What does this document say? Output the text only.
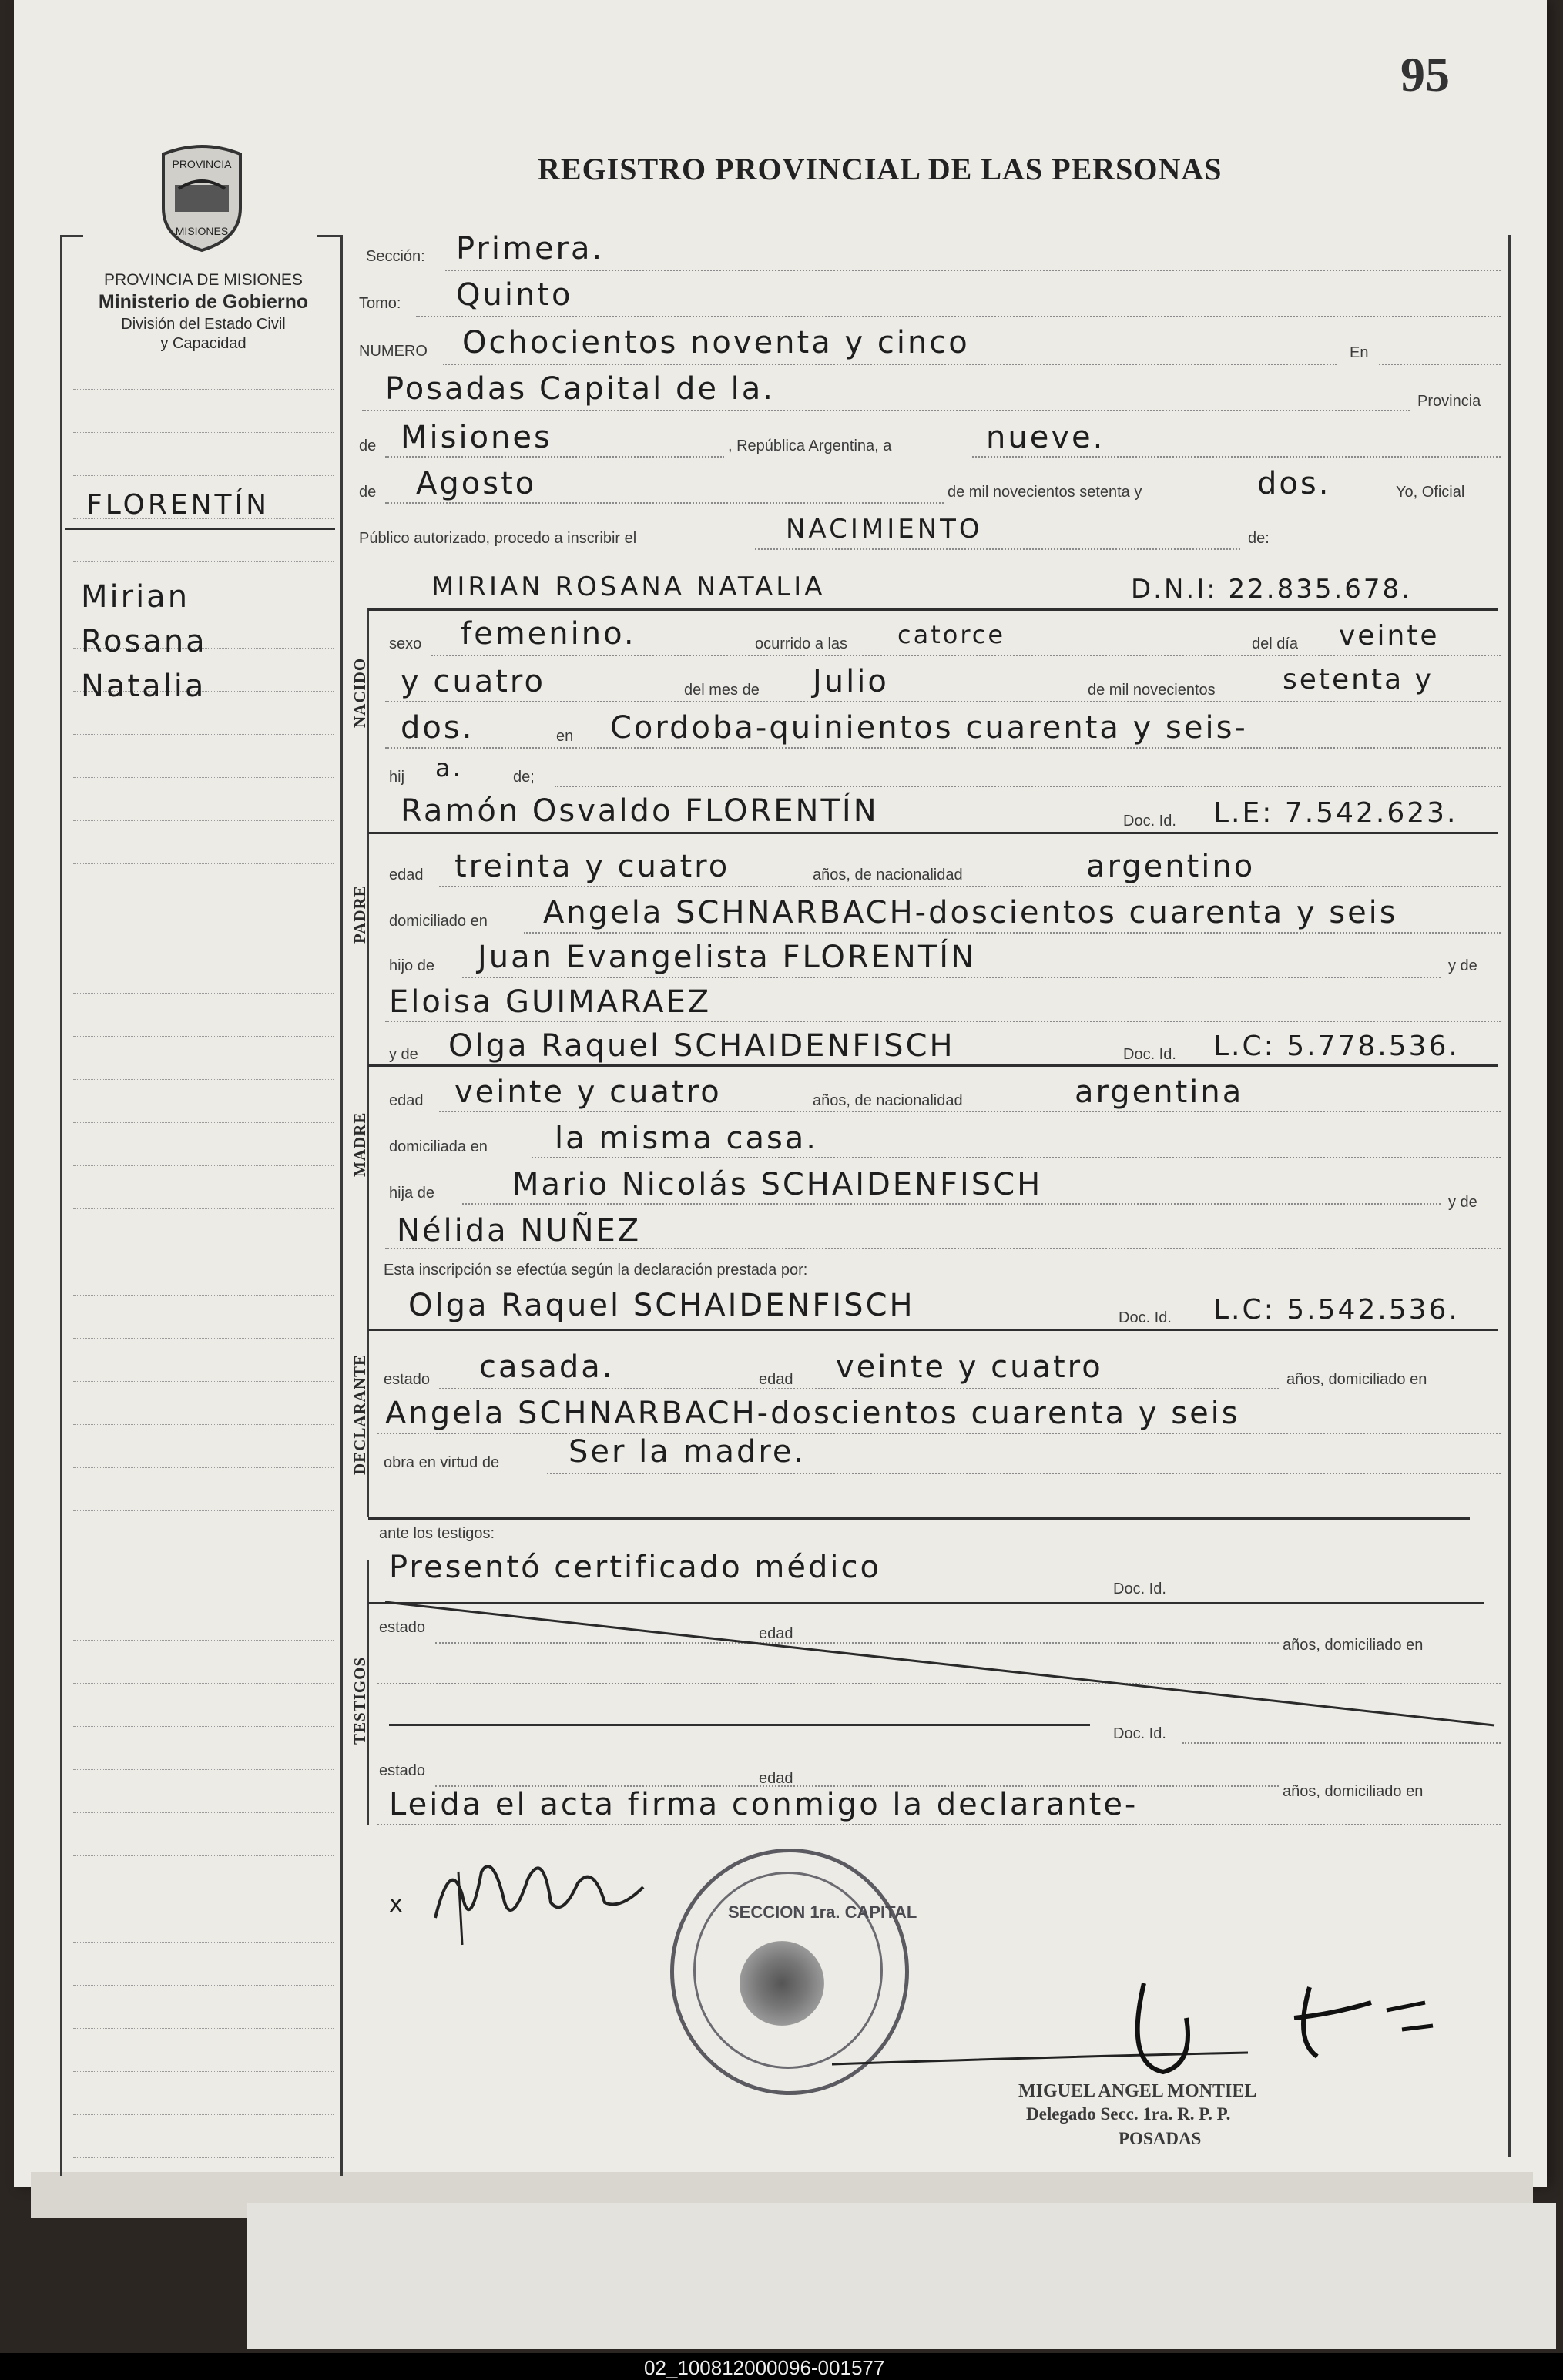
95
REGISTRO PROVINCIAL DE LAS PERSONAS
PROVINCIA
MISIONES
PROVINCIA DE MISIONES
Ministerio de Gobierno
División del Estado Civil
y Capacidad
FLORENTÍN
Mirian
Rosana
Natalia	NACIDO
PADRE
MADRE
DECLARANTE
TESTIGOS
Sección: Primera.
Tomo: Quinto
NUMERO Ochocientos noventa y cinco	En
Posadas Capital de la.	Provincia
de Misiones	, República Argentina, a	nueve.
de Agosto	de mil novecientos setenta y	dos.	Yo, Oficial
Público autorizado, procedo a inscribir el	NACIMIENTO	de:
MIRIAN ROSANA NATALIA	D.N.I: 22.835.678.
sexo femenino.	ocurrido a las catorce	del día veinte
y cuatro	del mes de Julio	de mil novecientos setenta y
dos.	en Cordoba-quinientos cuarenta y seis-
hij a.	de;
Ramón Osvaldo FLORENTÍN	Doc. Id. L.E: 7.542.623.
edad treinta y cuatro	años, de nacionalidad	argentino
domiciliado en Angela SCHNARBACH-doscientos cuarenta y seis
hijo de Juan Evangelista FLORENTÍN	y de
Eloisa GUIMARAEZ
y de Olga Raquel SCHAIDENFISCH	Doc. Id. L.C: 5.778.536.
edad veinte y cuatro	años, de nacionalidad	argentina
domiciliada en la misma casa.
hija de	Mario Nicolás SCHAIDENFISCH	y de
Nélida NUÑEZ
Esta inscripción se efectúa según la declaración prestada por:
Olga Raquel SCHAIDENFISCH	Doc. Id. L.C: 5.542.536.
estado casada.	edad veinte y cuatro	años, domiciliado en
Angela SCHNARBACH-doscientos cuarenta y seis
obra en virtud de Ser la madre.
ante los testigos:
Presentó certificado médico
Doc. Id.
estado	edad
años, domiciliado en
Doc. Id.
estado	edad
años, domiciliado en
Leida el acta firma conmigo la declarante-
x	SECCION 1ra. CAPITAL
MIGUEL ANGEL MONTIEL
Delegado Secc. 1ra. R. P. P.
POSADAS
02_100812000096-001577
